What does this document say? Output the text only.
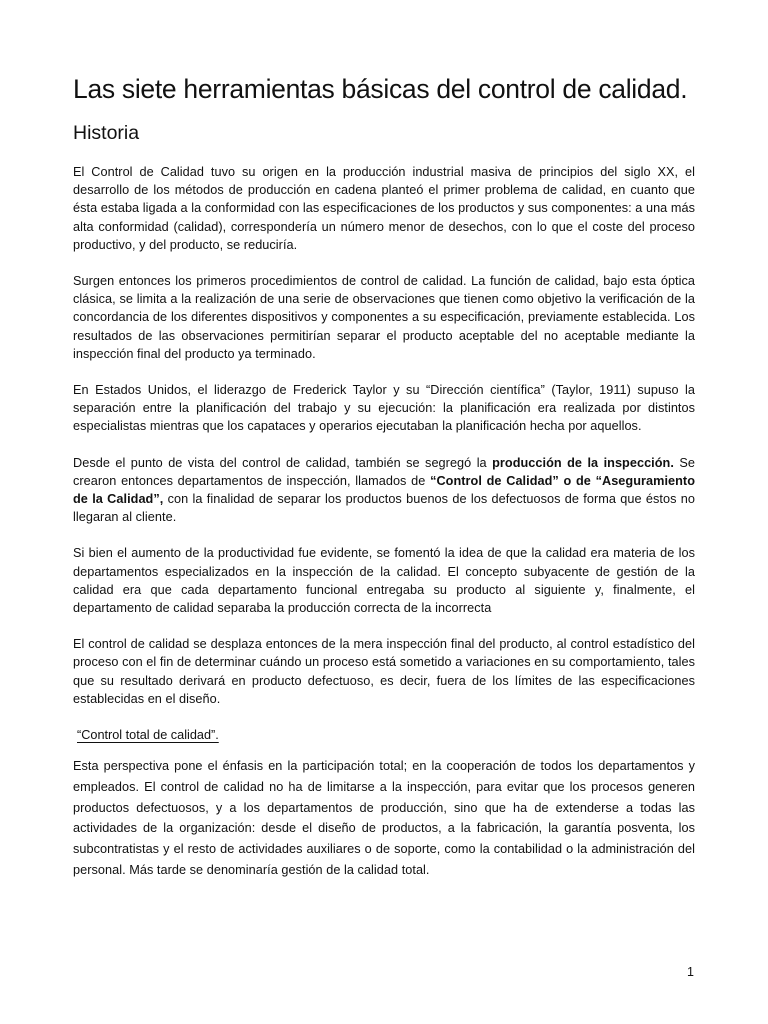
Las siete herramientas básicas del control de calidad.
Historia

El Control de Calidad tuvo su origen en la producción industrial masiva de principios del siglo XX, el desarrollo de los métodos de producción en cadena planteó el primer problema de calidad, en cuanto que ésta estaba ligada a la conformidad con las especificaciones de los productos y sus componentes: a una más alta conformidad (calidad), correspondería un número menor de desechos, con lo que el coste del proceso productivo, y del producto, se reduciría.

Surgen entonces los primeros procedimientos de control de calidad. La función de calidad, bajo esta óptica clásica, se limita a la realización de una serie de observaciones que tienen como objetivo la verificación de la concordancia de los diferentes dispositivos y componentes a su especificación, previamente establecida. Los resultados de las observaciones permitirían separar el producto aceptable del no aceptable mediante la inspección final del producto ya terminado.

En Estados Unidos, el liderazgo de Frederick Taylor y su “Dirección científica” (Taylor, 1911) supuso la separación entre la planificación del trabajo y su ejecución: la planificación era realizada por distintos especialistas mientras que los capataces y operarios ejecutaban la planificación hecha por aquellos.

Desde el punto de vista del control de calidad, también se segregó la producción de la inspección. Se crearon entonces departamentos de inspección, llamados de “Control de Calidad” o de “Aseguramiento de la Calidad”, con la finalidad de separar los productos buenos de los defectuosos de forma que éstos no llegaran al cliente.

Si bien el aumento de la productividad fue evidente, se fomentó la idea de que la calidad era materia de los departamentos especializados en la inspección de la calidad. El concepto subyacente de gestión de la calidad era que cada departamento funcional entregaba su producto al siguiente y, finalmente, el departamento de calidad separaba la producción correcta de la incorrecta

El control de calidad se desplaza entonces de la mera inspección final del producto, al control estadístico del proceso con el fin de determinar cuándo un proceso está sometido a variaciones en su comportamiento, tales que su resultado derivará en producto defectuoso, es decir, fuera de los límites de las especificaciones establecidas en el diseño.

“Control total de calidad”.

Esta perspectiva pone el énfasis en la participación total; en la cooperación de todos los departamentos y empleados. El control de calidad no ha de limitarse a la inspección, para evitar que los procesos generen productos defectuosos, y a los departamentos de producción, sino que ha de extenderse a todas las actividades de la organización: desde el diseño de productos, a la fabricación, la garantía posventa, los subcontratistas y el resto de actividades auxiliares o de soporte, como la contabilidad o la administración del personal. Más tarde se denominaría gestión de la calidad total.

1
